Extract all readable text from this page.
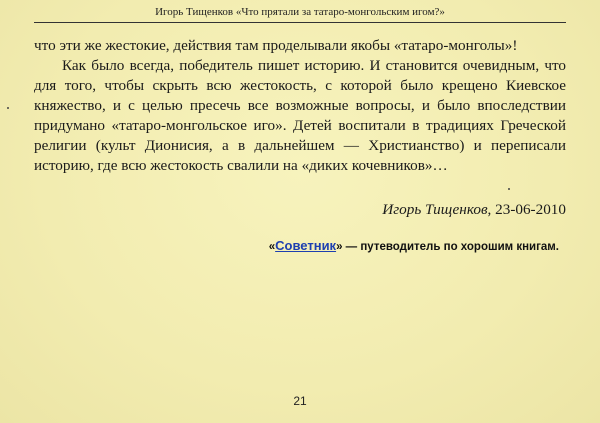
Игорь Тищенков «Что прятали за татаро-монгольским игом?»

что эти же жестокие, действия там проделывали якобы «татаро-монголы»!

Как было всегда, победитель пишет историю. И становится очевидным, что для того, чтобы скрыть всю жестокость, с которой было крещено Киевское княжество, и с целью пресечь все возможные вопросы, и было впоследствии придумано «татаро-монгольское иго». Детей воспитали в традициях Греческой религии (культ Дионисия, а в дальнейшем — Христианство) и переписали историю, где всю жестокость свалили на «диких кочевников»…

Игорь Тищенков, 23-06-2010
«Советник» — путеводитель по хорошим книгам.
21
